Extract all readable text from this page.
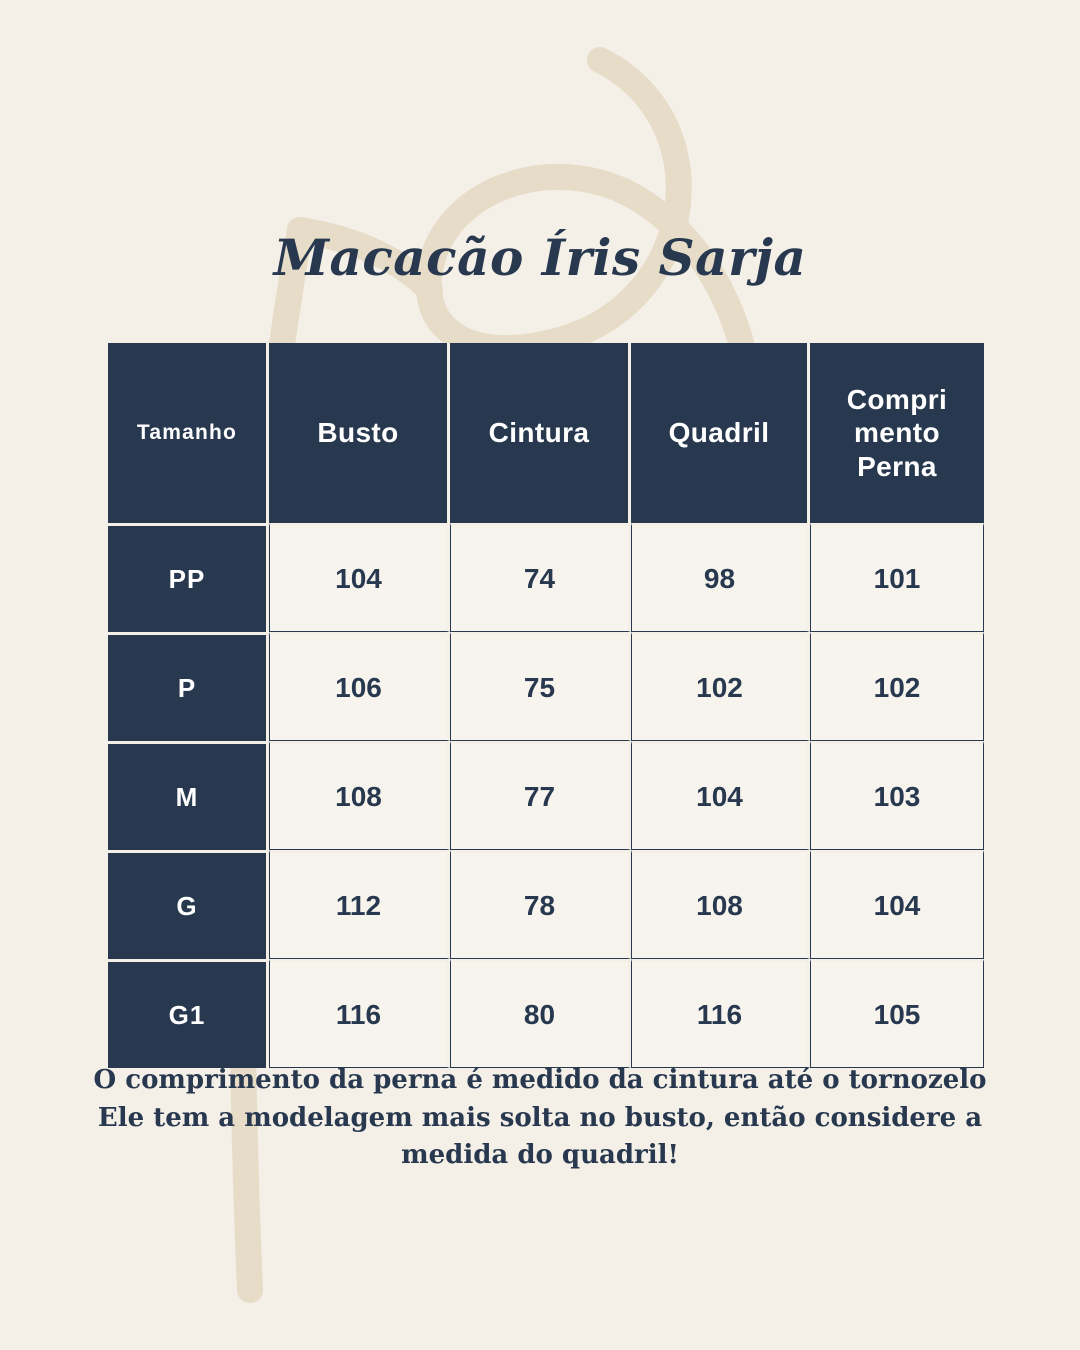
Macacão Íris Sarja
Tamanho	Busto	Cintura	Quadril	Compri
mento
Perna
PP	104	74	98	101
P	106	75	102	102
M	108	77	104	103
G	112	78	108	104
G1	116	80	116	105
O comprimento da perna é medido da cintura até o tornozelo
Ele tem a modelagem mais solta no busto, então considere a
medida do quadril!
